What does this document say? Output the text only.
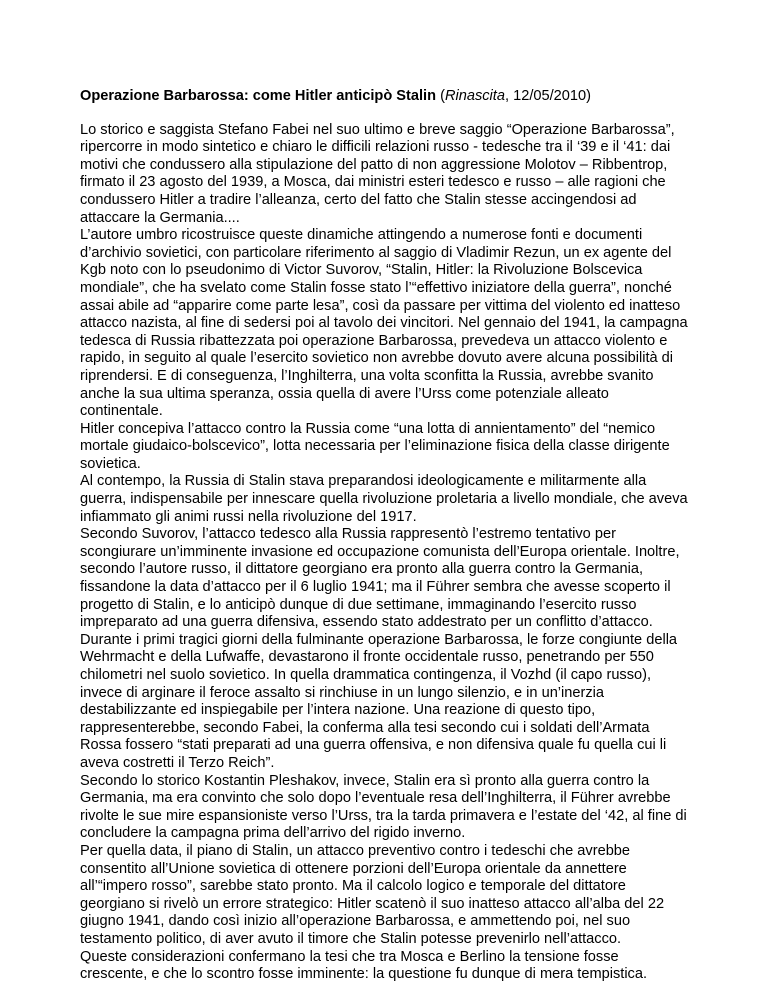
Operazione Barbarossa: come Hitler anticipò Stalin (Rinascita, 12/05/2010)

Lo storico e saggista Stefano Fabei nel suo ultimo e breve saggio “Operazione Barbarossa”, ripercorre in modo sintetico e chiaro le difficili relazioni russo - tedesche tra il ‘39 e il ‘41: dai motivi che condussero alla stipulazione del patto di non aggressione Molotov – Ribbentrop, firmato il 23 agosto del 1939, a Mosca, dai ministri esteri tedesco e russo – alle ragioni che condussero Hitler a tradire l’alleanza, certo del fatto che Stalin stesse accingendosi ad attaccare la Germania....

L’autore umbro ricostruisce queste dinamiche attingendo a numerose fonti e documenti d’archivio sovietici, con particolare riferimento al saggio di Vladimir Rezun, un ex agente del Kgb noto con lo pseudonimo di Victor Suvorov, “Stalin, Hitler: la Rivoluzione Bolscevica mondiale”, che ha svelato come Stalin fosse stato l’“effettivo iniziatore della guerra”, nonché assai abile ad “apparire come parte lesa”, così da passare per vittima del violento ed inatteso attacco nazista, al fine di sedersi poi al tavolo dei vincitori. Nel gennaio del 1941, la campagna tedesca di Russia ribattezzata poi operazione Barbarossa, prevedeva un attacco violento e rapido, in seguito al quale l’esercito sovietico non avrebbe dovuto avere alcuna possibilità di riprendersi. E di conseguenza, l’Inghilterra, una volta sconfitta la Russia, avrebbe svanito anche la sua ultima speranza, ossia quella di avere l’Urss come potenziale alleato continentale.

Hitler concepiva l’attacco contro la Russia come “una lotta di annientamento” del “nemico mortale giudaico-bolscevico”, lotta necessaria per l’eliminazione fisica della classe dirigente sovietica.

Al contempo, la Russia di Stalin stava preparandosi ideologicamente e militarmente alla guerra, indispensabile per innescare quella rivoluzione proletaria a livello mondiale, che aveva infiammato gli animi russi nella rivoluzione del 1917.

Secondo Suvorov, l’attacco tedesco alla Russia rappresentò l’estremo tentativo per scongiurare un’imminente invasione ed occupazione comunista dell’Europa orientale. Inoltre, secondo l’autore russo, il dittatore georgiano era pronto alla guerra contro la Germania, fissandone la data d’attacco per il 6 luglio 1941; ma il Führer sembra che avesse scoperto il progetto di Stalin, e lo anticipò dunque di due settimane, immaginando l’esercito russo impreparato ad una guerra difensiva, essendo stato addestrato per un conflitto d’attacco.

Durante i primi tragici giorni della fulminante operazione Barbarossa, le forze congiunte della Wehrmacht e della Lufwaffe, devastarono il fronte occidentale russo, penetrando per 550 chilometri nel suolo sovietico. In quella drammatica contingenza, il Vozhd (il capo russo), invece di arginare il feroce assalto si rinchiuse in un lungo silenzio, e in un’inerzia destabilizzante ed inspiegabile per l’intera nazione. Una reazione di questo tipo, rappresenterebbe, secondo Fabei, la conferma alla tesi secondo cui i soldati dell’Armata Rossa fossero “stati preparati ad una guerra offensiva, e non difensiva quale fu quella cui li aveva costretti il Terzo Reich”.

Secondo lo storico Kostantin Pleshakov, invece, Stalin era sì pronto alla guerra contro la Germania, ma era convinto che solo dopo l’eventuale resa dell’Inghilterra, il Führer avrebbe rivolte le sue mire espansioniste verso l’Urss, tra la tarda primavera e l’estate del ‘42, al fine di concludere la campagna prima dell’arrivo del rigido inverno.

Per quella data, il piano di Stalin, un attacco preventivo contro i tedeschi che avrebbe consentito all’Unione sovietica di ottenere porzioni dell’Europa orientale da annettere all’“impero rosso”, sarebbe stato pronto. Ma il calcolo logico e temporale del dittatore georgiano si rivelò un errore strategico: Hitler scatenò il suo inatteso attacco all’alba del 22 giugno 1941, dando così inizio all’operazione Barbarossa, e ammettendo poi, nel suo testamento politico, di aver avuto il timore che Stalin potesse prevenirlo nell’attacco.

Queste considerazioni confermano la tesi che tra Mosca e Berlino la tensione fosse crescente, e che lo scontro fosse imminente: la questione fu dunque di mera tempistica.
